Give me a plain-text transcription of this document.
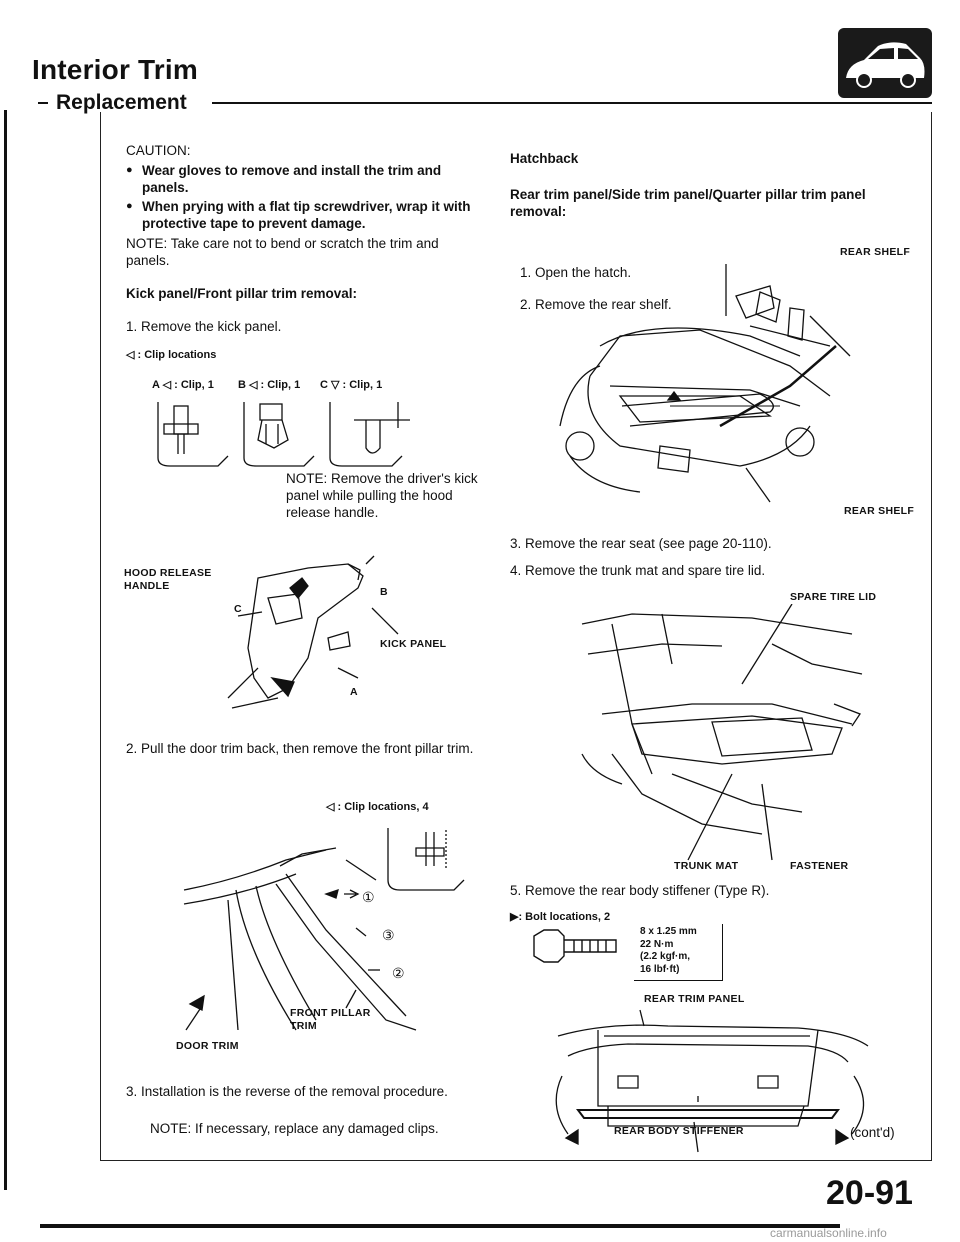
Interior Trim
Replacement
CAUTION:
● Wear gloves to remove and install the trim and panels.
● When prying with a flat tip screwdriver, wrap it with protective tape to prevent damage.
NOTE: Take care not to bend or scratch the trim and panels.
Kick panel/Front pillar trim removal:
1. Remove the kick panel.
◁ : Clip locations
A ◁ : Clip, 1 B ◁ : Clip, 1 C ▽ : Clip, 1
NOTE: Remove the driver's kick panel while pulling the hood release handle.
HOOD RELEASE HANDLE
KICK PANEL
A
B
C
2. Pull the door trim back, then remove the front pillar trim.
◁ : Clip locations, 4
FRONT PILLAR TRIM
DOOR TRIM
①
③
②
3. Installation is the reverse of the removal procedure.
NOTE: If necessary, replace any damaged clips.
Hatchback
Rear trim panel/Side trim panel/Quarter pillar trim panel removal:
REAR SHELF
1. Open the hatch.
2. Remove the rear shelf.
REAR SHELF
3. Remove the rear seat (see page 20-110).
4. Remove the trunk mat and spare tire lid.
SPARE TIRE LID
TRUNK MAT	FASTENER
5. Remove the rear body stiffener (Type R).
▶: Bolt locations, 2
8 x 1.25 mm
22 N·m
(2.2 kgf·m,
16 lbf·ft)
REAR TRIM PANEL
REAR BODY STIFFENER	(cont'd)
20-91
carmanualsonline.info
